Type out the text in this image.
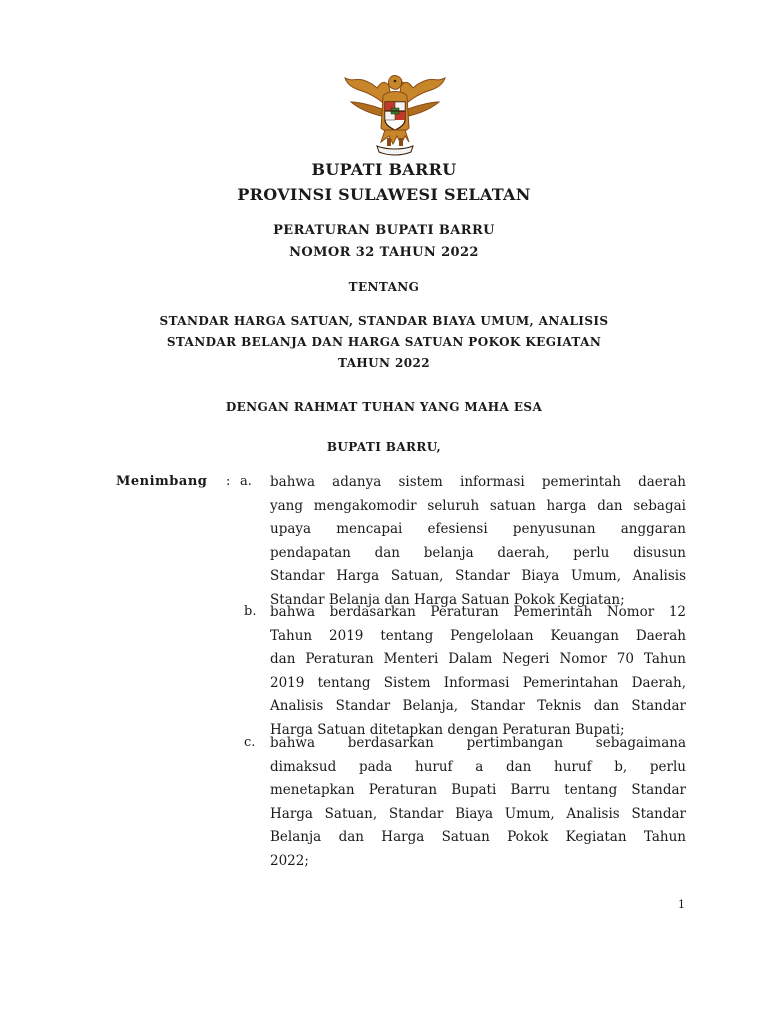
BUPATI BARRU
PROVINSI SULAWESI SELATAN
PERATURAN BUPATI BARRU
NOMOR 32 TAHUN 2022
TENTANG
STANDAR HARGA SATUAN, STANDAR BIAYA UMUM, ANALISIS
STANDAR BELANJA DAN HARGA SATUAN POKOK KEGIATAN
TAHUN 2022
DENGAN RAHMAT TUHAN YANG MAHA ESA
BUPATI BARRU,
Menimbang : a. bahwa adanya sistem informasi pemerintah daerah
yang mengakomodir seluruh satuan harga dan sebagai
upaya mencapai efesiensi penyusunan anggaran
pendapatan dan belanja daerah, perlu disusun
Standar Harga Satuan, Standar Biaya Umum, Analisis
Standar Belanja dan Harga Satuan Pokok Kegiatan;
b. bahwa berdasarkan Peraturan Pemerintah Nomor 12
Tahun 2019 tentang Pengelolaan Keuangan Daerah
dan Peraturan Menteri Dalam Negeri Nomor 70 Tahun
2019 tentang Sistem Informasi Pemerintahan Daerah,
Analisis Standar Belanja, Standar Teknis dan Standar
Harga Satuan ditetapkan dengan Peraturan Bupati;
c. bahwa berdasarkan pertimbangan sebagaimana
dimaksud pada huruf a dan huruf b, perlu
menetapkan Peraturan Bupati Barru tentang Standar
Harga Satuan, Standar Biaya Umum, Analisis Standar
Belanja dan Harga Satuan Pokok Kegiatan Tahun
2022;
1
